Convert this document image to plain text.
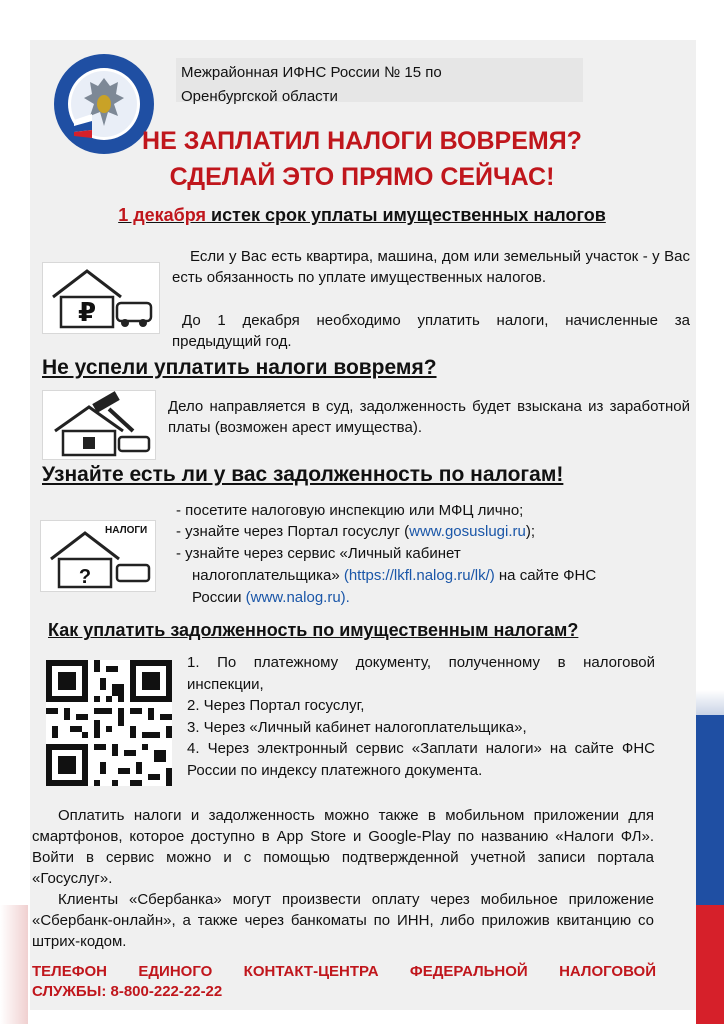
Межрайонная ИФНС России № 15 по
Оренбургской области
НЕ ЗАПЛАТИЛ НАЛОГИ ВОВРЕМЯ?
СДЕЛАЙ ЭТО ПРЯМО СЕЙЧАС!
1 декабря истек срок уплаты имущественных налогов
₽
Если у Вас есть квартира, машина, дом или земельный участок - у Вас есть обязанность по уплате имущественных налогов.
До 1 декабря необходимо уплатить налоги, начисленные за предыдущий год.
Не успели уплатить налоги вовремя?
Дело направляется в суд, задолженность будет взыскана из заработной платы (возможен арест имущества).
Узнайте есть ли у вас задолженность по налогам!
НАЛОГИ
?
- посетите налоговую инспекцию или МФЦ лично;
- узнайте через Портал госуслуг (www.gosuslugi.ru);
- узнайте через сервис «Личный кабинет
налогоплательщика» (https://lkfl.nalog.ru/lk/) на сайте ФНС
России (www.nalog.ru).
Как уплатить задолженность по имущественным налогам?
1. По платежному документу, полученному в налоговой инспекции,
2. Через Портал госуслуг,
3. Через «Личный кабинет налогоплательщика»,
4. Через электронный сервис «Заплати налоги» на сайте ФНС России по индексу платежного документа.
Оплатить налоги и задолженность можно также в мобильном приложении для смартфонов, которое доступно в App Store и Google-Play по названию «Налоги ФЛ». Войти в сервис можно и с помощью подтвержденной учетной записи портала «Госуслуг».
Клиенты «Сбербанка» могут произвести оплату через мобильное приложение «Сбербанк-онлайн», а также через банкоматы по ИНН, либо приложив квитанцию со штрих-кодом.
ТЕЛЕФОН ЕДИНОГО КОНТАКТ-ЦЕНТРА ФЕДЕРАЛЬНОЙ НАЛОГОВОЙ
СЛУЖБЫ: 8-800-222-22-22
